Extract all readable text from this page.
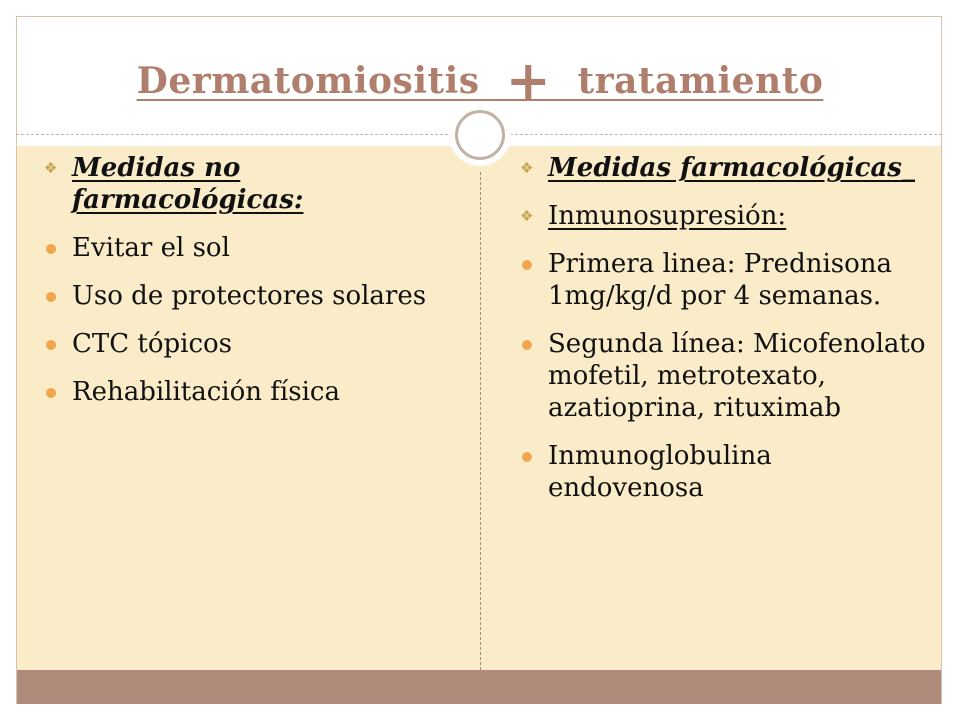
Dermatomiositis + tratamiento
❖ Medidas no farmacológicas:
Evitar el sol
Uso de protectores solares
CTC tópicos
Rehabilitación física
❖ Medidas farmacológicas_
❖ Inmunosupresión:
Primera linea: Prednisona 1mg/kg/d por 4 semanas.
Segunda línea: Micofenolato mofetil, metrotexato, azatioprina, rituximab
Inmunoglobulina endovenosa
